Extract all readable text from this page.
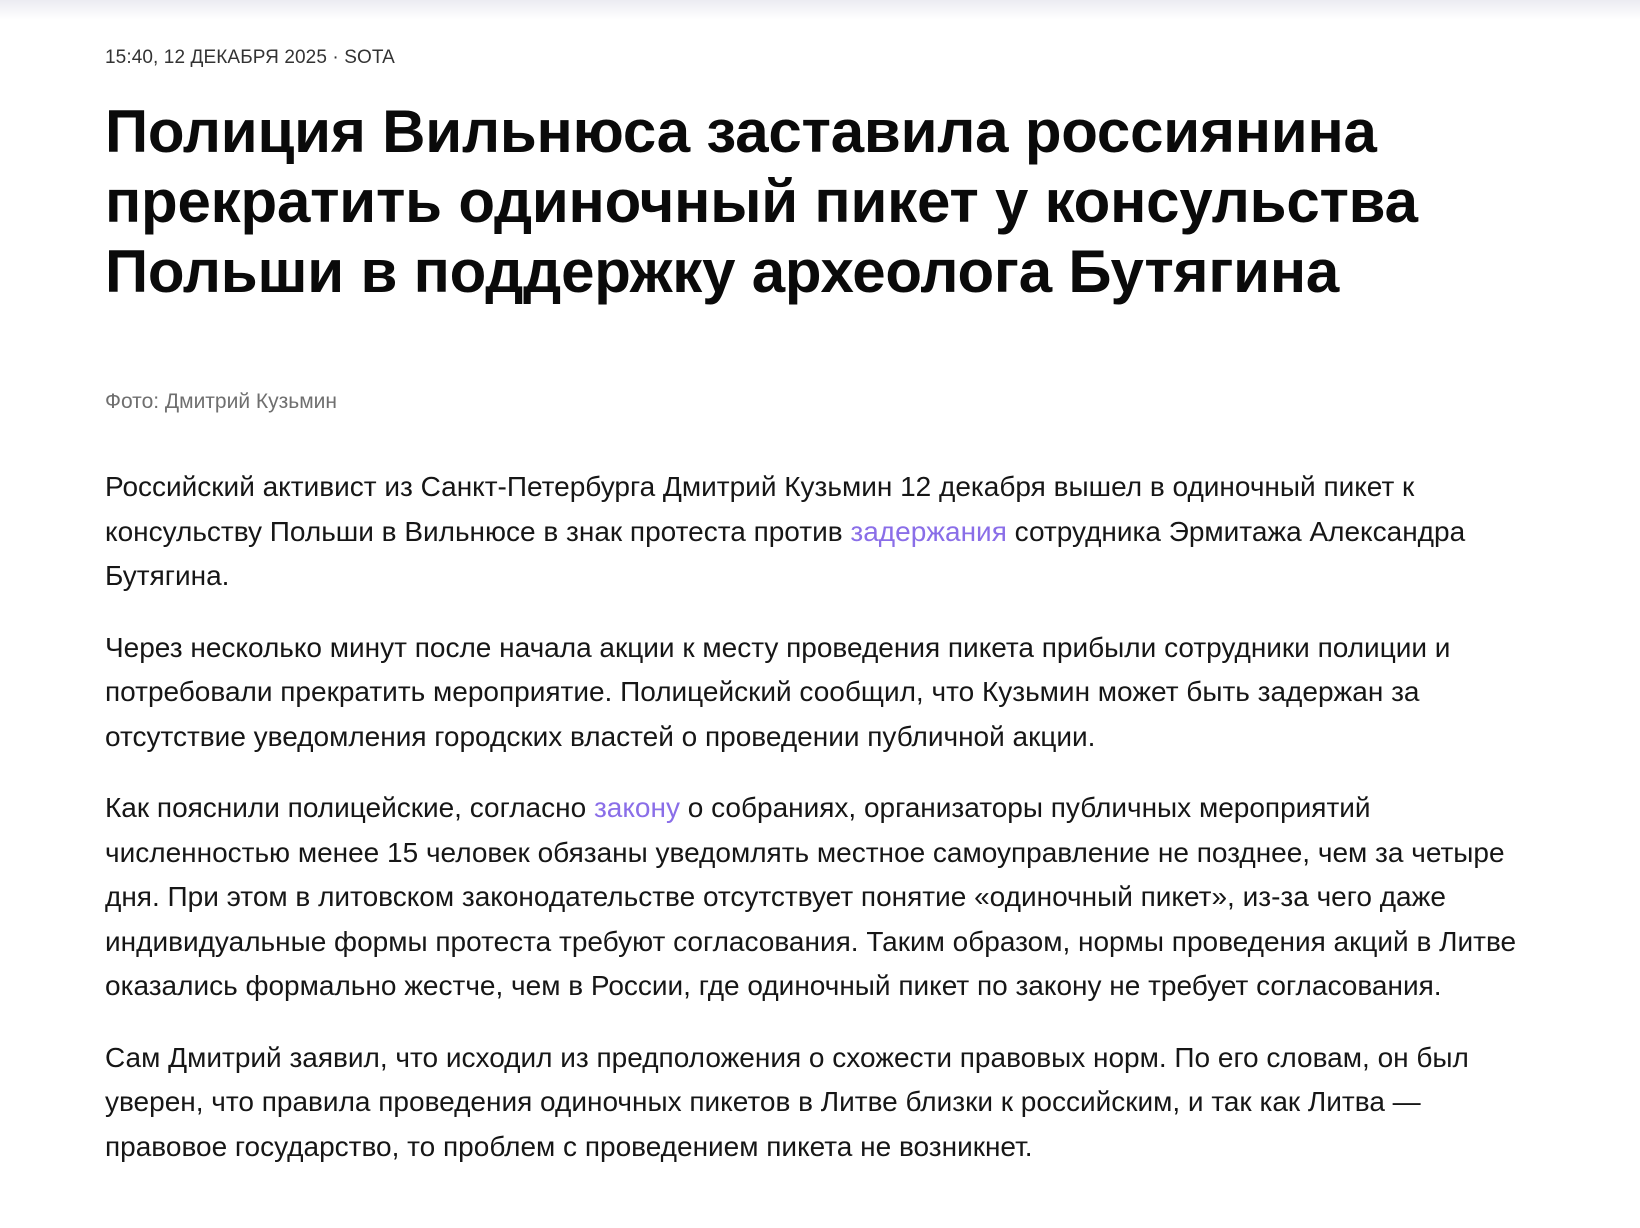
15:40, 12 ДЕКАБРЯ 2025 · SOTA

Полиция Вильнюса заставила россиянина прекратить одиночный пикет у консульства Польши в поддержку археолога Бутягина

Фото: Дмитрий Кузьмин

Российский активист из Санкт-Петербурга Дмитрий Кузьмин 12 декабря вышел в одиночный пикет к консульству Польши в Вильнюсе в знак протеста против задержания сотрудника Эрмитажа Александра Бутягина.

Через несколько минут после начала акции к месту проведения пикета прибыли сотрудники полиции и потребовали прекратить мероприятие. Полицейский сообщил, что Кузьмин может быть задержан за отсутствие уведомления городских властей о проведении публичной акции.

Как пояснили полицейские, согласно закону о собраниях, организаторы публичных мероприятий численностью менее 15 человек обязаны уведомлять местное самоуправление не позднее, чем за четыре дня. При этом в литовском законодательстве отсутствует понятие «одиночный пикет», из-за чего даже индивидуальные формы протеста требуют согласования. Таким образом, нормы проведения акций в Литве оказались формально жестче, чем в России, где одиночный пикет по закону не требует согласования.

Сам Дмитрий заявил, что исходил из предположения о схожести правовых норм. По его словам, он был уверен, что правила проведения одиночных пикетов в Литве близки к российским, и так как Литва — правовое государство, то проблем с проведением пикета не возникнет.
